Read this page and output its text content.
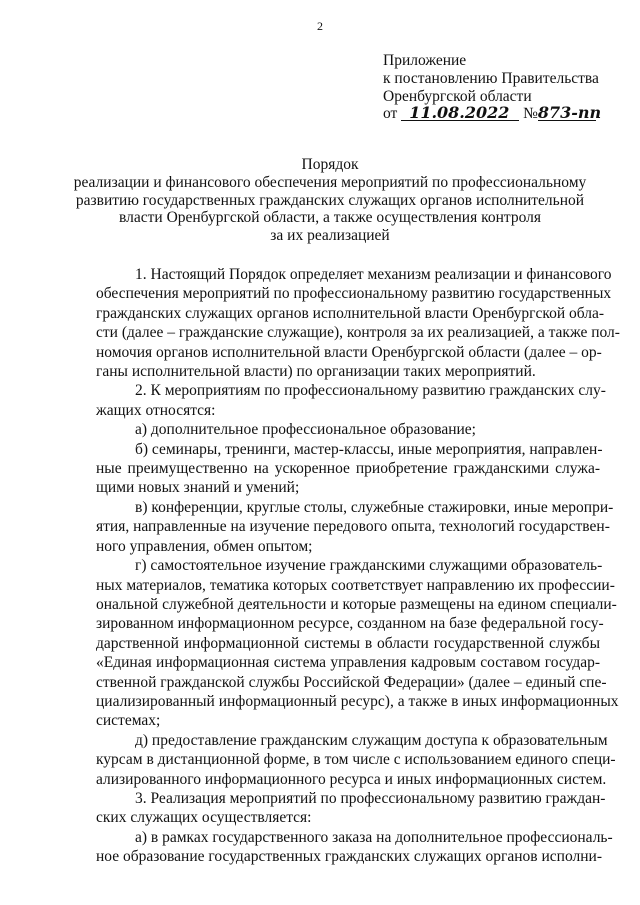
2
Приложение
к постановлению Правительства
Оренбургской области
от 11.08.2022 №873-пп
Порядок
реализации и финансового обеспечения мероприятий по профессиональному
развитию государственных гражданских служащих органов исполнительной
власти Оренбургской области, а также осуществления контроля
за их реализацией
1. Настоящий Порядок определяет механизм реализации и финансового
обеспечения мероприятий по профессиональному развитию государственных
гражданских служащих органов исполнительной власти Оренбургской обла-
сти (далее – гражданские служащие), контроля за их реализацией, а также пол-
номочия органов исполнительной власти Оренбургской области (далее – ор-
ганы исполнительной власти) по организации таких мероприятий.
2. К мероприятиям по профессиональному развитию гражданских слу-
жащих относятся:
а) дополнительное профессиональное образование;
б) семинары, тренинги, мастер-классы, иные мероприятия, направлен-
ные преимущественно на ускоренное приобретение гражданскими служа-
щими новых знаний и умений;
в) конференции, круглые столы, служебные стажировки, иные меропри-
ятия, направленные на изучение передового опыта, технологий государствен-
ного управления, обмен опытом;
г) самостоятельное изучение гражданскими служащими образователь-
ных материалов, тематика которых соответствует направлению их профессии-
ональной служебной деятельности и которые размещены на едином специали-
зированном информационном ресурсе, созданном на базе федеральной госу-
дарственной информационной системы в области государственной службы
«Единая информационная система управления кадровым составом государ-
ственной гражданской службы Российской Федерации» (далее – единый спе-
циализированный информационный ресурс), а также в иных информационных
системах;
д) предоставление гражданским служащим доступа к образовательным
курсам в дистанционной форме, в том числе с использованием единого специ-
ализированного информационного ресурса и иных информационных систем.
3. Реализация мероприятий по профессиональному развитию граждан-
ских служащих осуществляется:
а) в рамках государственного заказа на дополнительное профессиональ-
ное образование государственных гражданских служащих органов исполни-
